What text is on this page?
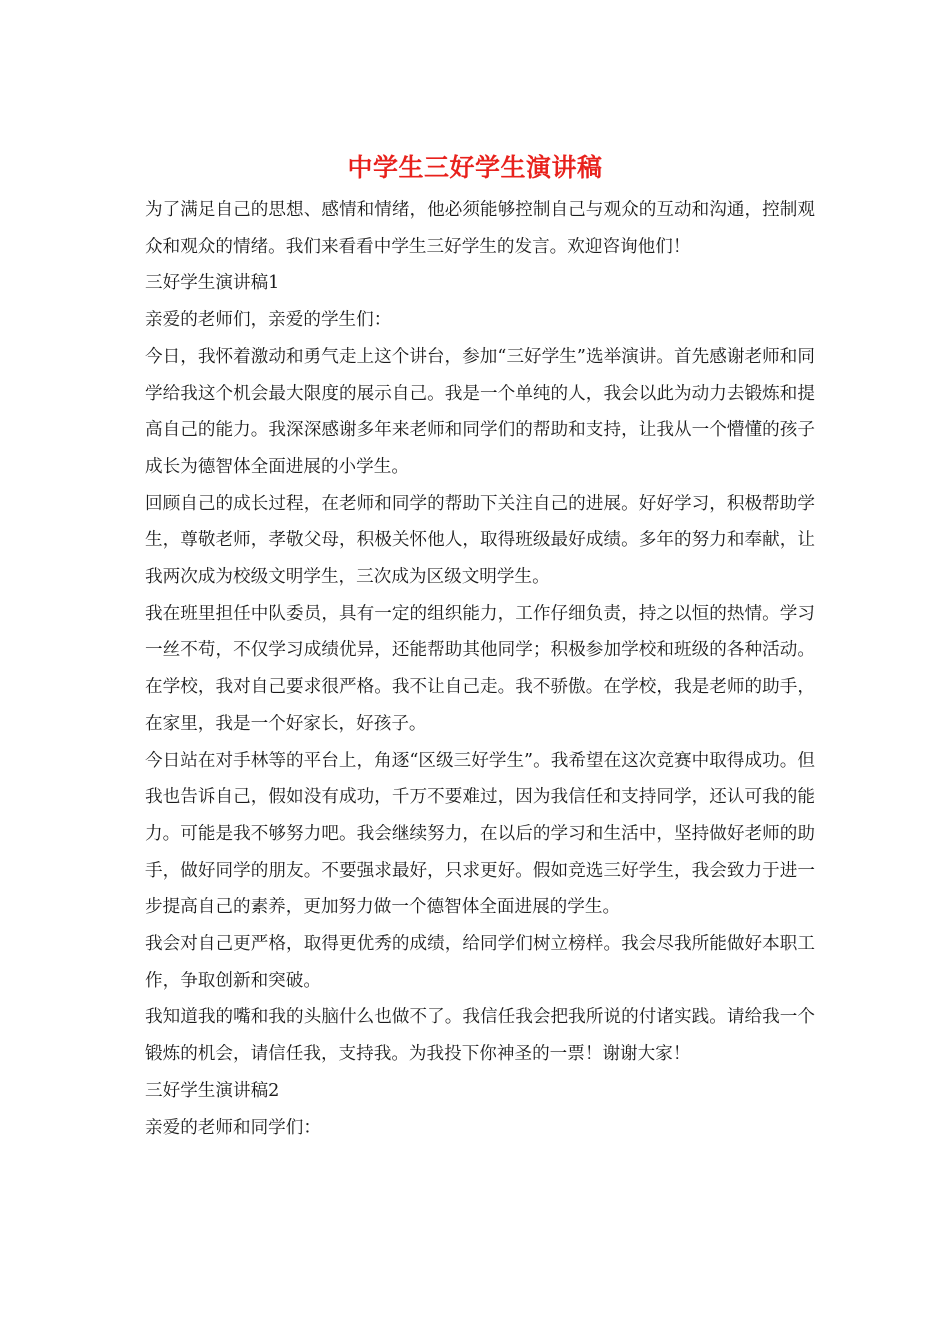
中学生三好学生演讲稿

为了满足自己的思想、感情和情绪，他必须能够控制自己与观众的互动和沟通，控制观众和观众的情绪。我们来看看中学生三好学生的发言。欢迎咨询他们！

三好学生演讲稿1

亲爱的老师们，亲爱的学生们：

今日，我怀着激动和勇气走上这个讲台，参加“三好学生”选举演讲。首先感谢老师和同学给我这个机会最大限度的展示自己。我是一个单纯的人，我会以此为动力去锻炼和提高自己的能力。我深深感谢多年来老师和同学们的帮助和支持，让我从一个懵懂的孩子成长为德智体全面进展的小学生。

回顾自己的成长过程，在老师和同学的帮助下关注自己的进展。好好学习，积极帮助学生，尊敬老师，孝敬父母，积极关怀他人，取得班级最好成绩。多年的努力和奉献，让我两次成为校级文明学生，三次成为区级文明学生。

我在班里担任中队委员，具有一定的组织能力，工作仔细负责，持之以恒的热情。学习一丝不苟，不仅学习成绩优异，还能帮助其他同学；积极参加学校和班级的各种活动。在学校，我对自己要求很严格。我不让自己走。我不骄傲。在学校，我是老师的助手，在家里，我是一个好家长，好孩子。

今日站在对手林等的平台上，角逐“区级三好学生”。我希望在这次竞赛中取得成功。但我也告诉自己，假如没有成功，千万不要难过，因为我信任和支持同学，还认可我的能力。可能是我不够努力吧。我会继续努力，在以后的学习和生活中，坚持做好老师的助手，做好同学的朋友。不要强求最好，只求更好。假如竞选三好学生，我会致力于进一步提高自己的素养，更加努力做一个德智体全面进展的学生。

我会对自己更严格，取得更优秀的成绩，给同学们树立榜样。我会尽我所能做好本职工作，争取创新和突破。

我知道我的嘴和我的头脑什么也做不了。我信任我会把我所说的付诸实践。请给我一个锻炼的机会，请信任我，支持我。为我投下你神圣的一票！谢谢大家！

三好学生演讲稿2

亲爱的老师和同学们：
